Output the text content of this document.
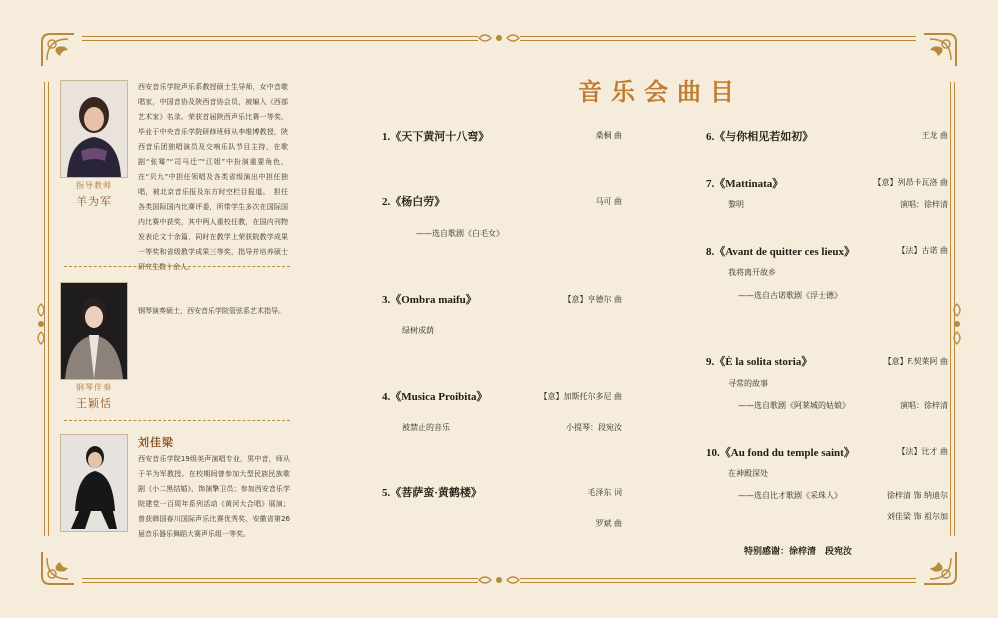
指导教师
羊为军
西安音乐学院声乐系教授硕士生导师，女中音歌唱家，中国音协及陕西音协会员，被编入《西部艺术家》名录。荣获首届陕西声乐比赛一等奖，毕业于中央音乐学院研修班师从李维博教授，陕西音乐团独唱演员及交响乐队节目主持，在歌剧“张骞”“司马迁”“江姐”中扮演重要角色，在“贝九”中担任领唱及各类省级演出中担任独唱，被北京音乐报及东方时空栏目报道。　担任各类国际国内比赛评委，所带学生多次在国际国内比赛中获奖，其中两人重校任教，在国内刊物发表论文十余篇，同时在教学上荣获院教学成果一等奖和省级教学成果三等奖，指导并培养硕士研究生数十余人。
钢琴伴奏
王颖恬
钢琴演奏硕士，西安音乐学院管弦系艺术指导。
刘佳梁
西安音乐学院19级美声演唱专业，男中音，师从于羊为军教授。在校期间曾参加大型民族民族歌剧《小二黑结婚》，饰演擎卫员；参加西安音乐学院建党一百周年系列活动《黄河大合唱》展演；曾获韩国春川国际声乐比赛优秀奖、安徽省第26届音乐器乐舞蹈大赛声乐组一等奖。
音乐会曲目
1.《天下黄河十八弯》	桑桐 曲
2.《杨白劳》	马可 曲
——选自歌剧《白毛女》
3.《Ombra maifu》	【意】亨德尔 曲
绿树成荫
4.《Musica Proibita》	【意】加斯托尔多尼 曲
被禁止的音乐	小提琴：段宛汝
5.《菩萨蛮·黄鹤楼》	毛泽东 词
罗斌 曲
6.《与你相见若如初》	王龙 曲
7.《Mattinata》	【意】列昂卡瓦洛 曲
黎明	演唱：徐梓清
8.《Avant de quitter ces lieux》	【法】古诺 曲
我将离开故乡
——选自古诺歌剧《浮士德》
9.《È la solita storia》	【意】F.契莱阿 曲
寻常的故事
——选自歌剧《阿莱城的姑娘》	演唱：徐梓清
10.《Au fond du temple saint》	【法】比才 曲
在神殿深处
——选自比才歌剧《采珠人》	徐梓清 饰 纳迪尔
刘佳梁 饰 祖尔加
特别感谢：徐梓清　段宛汝
